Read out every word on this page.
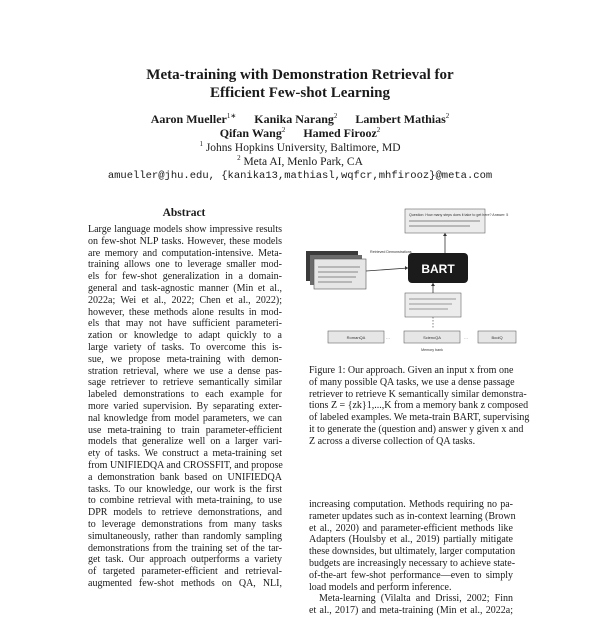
Meta-training with Demonstration Retrieval for
Efficient Few-shot Learning
Aaron Mueller$^{1∗}$ Kanika Narang$^2$ Lambert Mathias$^2$
Qifan Wang$^2$ Hamed Firooz$^2$
$^1$ Johns Hopkins University, Baltimore, MD
$^2$ Meta AI, Menlo Park, CA
amueller@jhu.edu, {kanika13,mathiasl,wqfcr,mhfirooz}@meta.com
Abstract
Large language models show impressive results
on few-shot NLP tasks. However, these models
are memory and computation-intensive. Meta-
training allows one to leverage smaller mod-
els for few-shot generalization in a domain-
general and task-agnostic manner (Min et al.,
2022a; Wei et al., 2022; Chen et al., 2022);
however, these methods alone results in mod-
els that may not have sufficient parameteri-
zation or knowledge to adapt quickly to a
large variety of tasks. To overcome this is-
sue, we propose meta-training with demon-
stration retrieval, where we use a dense pas-
sage retriever to retrieve semantically similar
labeled demonstrations to each example for
more varied supervision. By separating exter-
nal knowledge from model parameters, we can
use meta-training to train parameter-efficient
models that generalize well on a larger vari-
ety of tasks. We construct a meta-training set
from UNIFIEDQA and CROSSFIT, and propose
a demonstration bank based on UNIFIEDQA
tasks. To our knowledge, our work is the first
to combine retrieval with meta-training, to use
DPR models to retrieve demonstrations, and
to leverage demonstrations from many tasks
simultaneously, rather than randomly sampling
demonstrations from the training set of the tar-
get task. Our approach outperforms a variety
of targeted parameter-efficient and retrieval-
augmented few-shot methods on QA, NLI,
Question: How many steps does it take to get here? Answer: 5
BART
Retrieved Demonstrations
RomanQA	SciencQA	BoolQ
…	…
Memory bank
Figure 1: Our approach. Given an input x from one
of many possible QA tasks, we use a dense passage
retriever to retrieve K semantically similar demonstra-
tions Z = {zk}1,...,K from a memory bank z composed
of labeled examples. We meta-train BART, supervising
it to generate the (question and) answer y given x and
Z across a diverse collection of QA tasks.
increasing computation. Methods requiring no pa-
rameter updates such as in-context learning (Brown
et al., 2020) and parameter-efficient methods like
Adapters (Houlsby et al., 2019) partially mitigate
these downsides, but ultimately, larger computation
budgets are increasingly necessary to achieve state-
of-the-art few-shot performance—even to simply
load models and perform inference.
Meta-learning (Vilalta and Drissi, 2002; Finn
et al., 2017) and meta-training (Min et al., 2022a;
